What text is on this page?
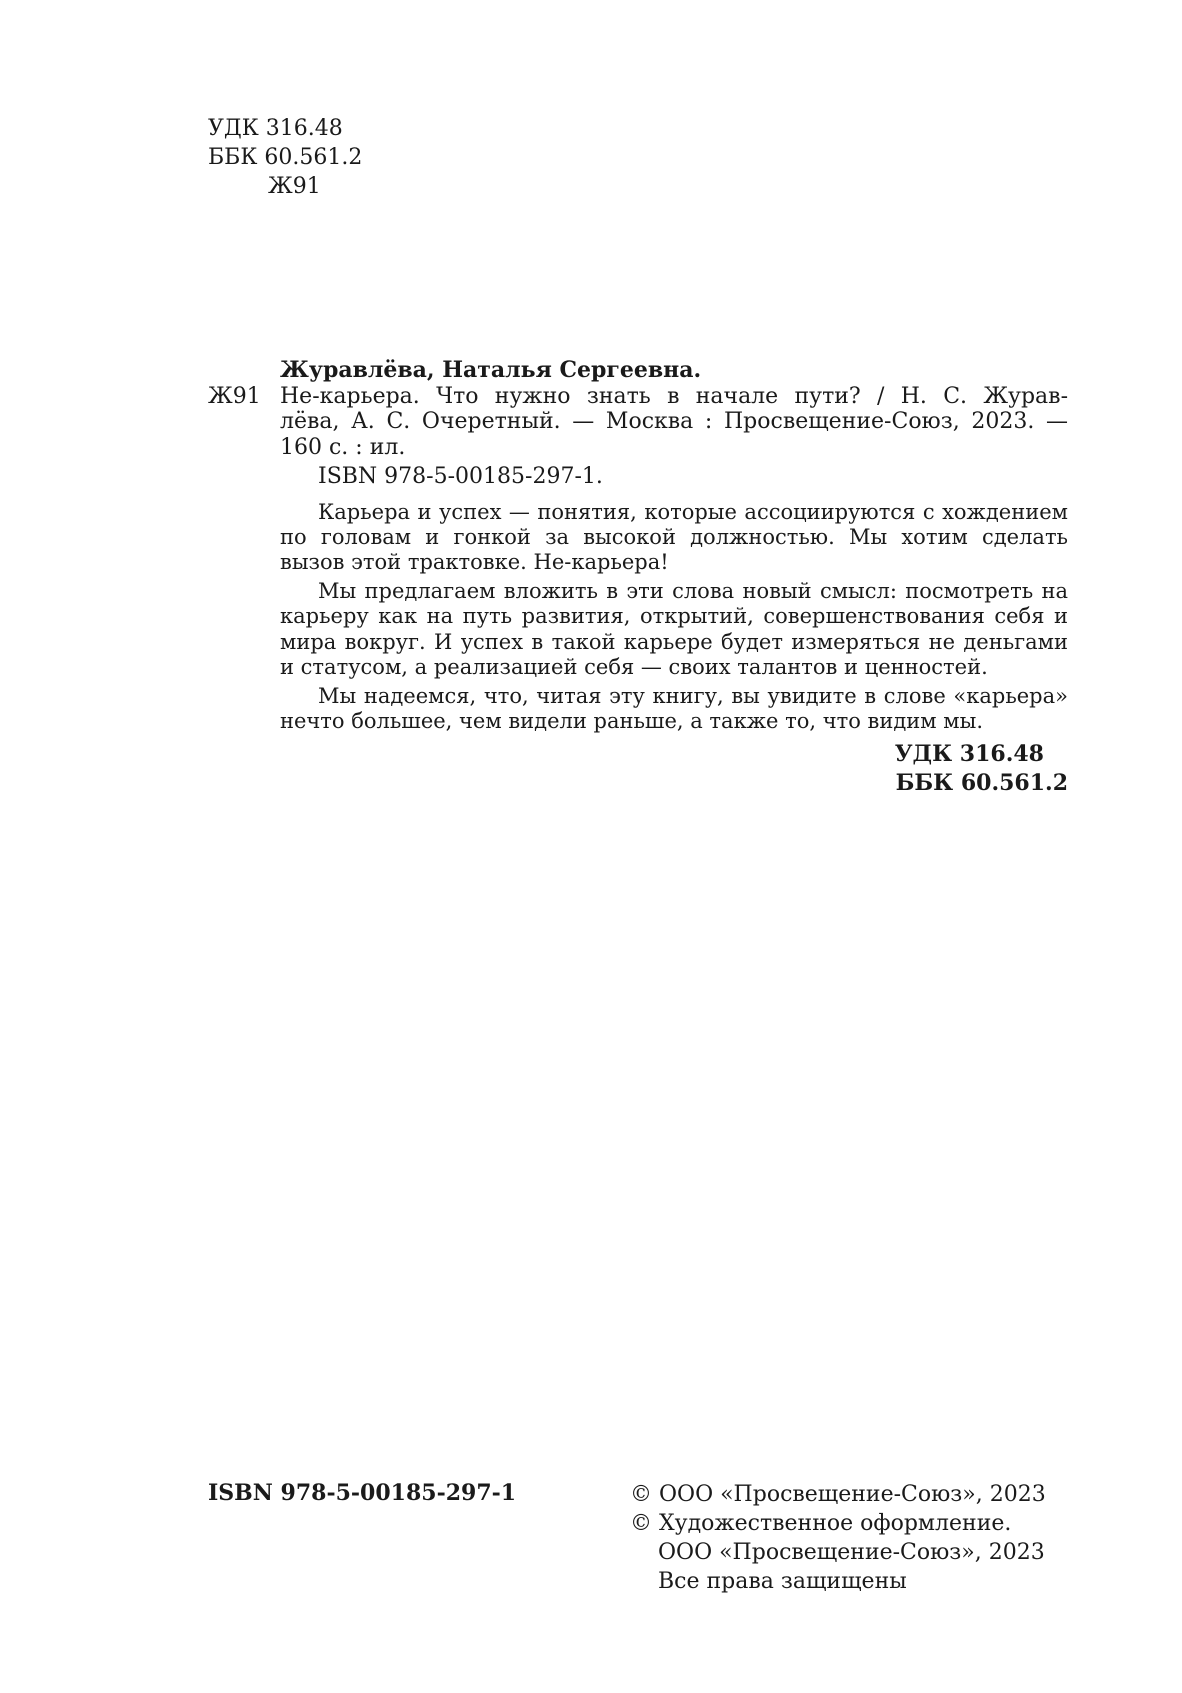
УДК 316.48
ББК 60.561.2
Ж91
Журавлёва, Наталья Сергеевна.
Ж91 Не-карьера. Что нужно знать в начале пути? / Н. С. Журав-
лёва, А. С. Очеретный. — Москва : Просвещение-Союз, 2023. —
160 с. : ил.
ISBN 978-5-00185-297-1.

Карьера и успех — понятия, которые ассоциируются с хождением по головам и гонкой за высокой должностью. Мы хотим сделать вызов этой трактовке. Не-карьера!

Мы предлагаем вложить в эти слова новый смысл: посмотреть на карьеру как на путь развития, открытий, совершенствования себя и мира вокруг. И успех в такой карьере будет измеряться не деньгами и статусом, а реализацией себя — своих талантов и ценностей.

Мы надеемся, что, читая эту книгу, вы увидите в слове «карьера» нечто большее, чем видели раньше, а также то, что видим мы.

УДК 316.48
ББК 60.561.2
ISBN 978-5-00185-297-1	© ООО «Просвещение-Союз», 2023
© Художественное оформление.
ООО «Просвещение-Союз», 2023
Все права защищены
